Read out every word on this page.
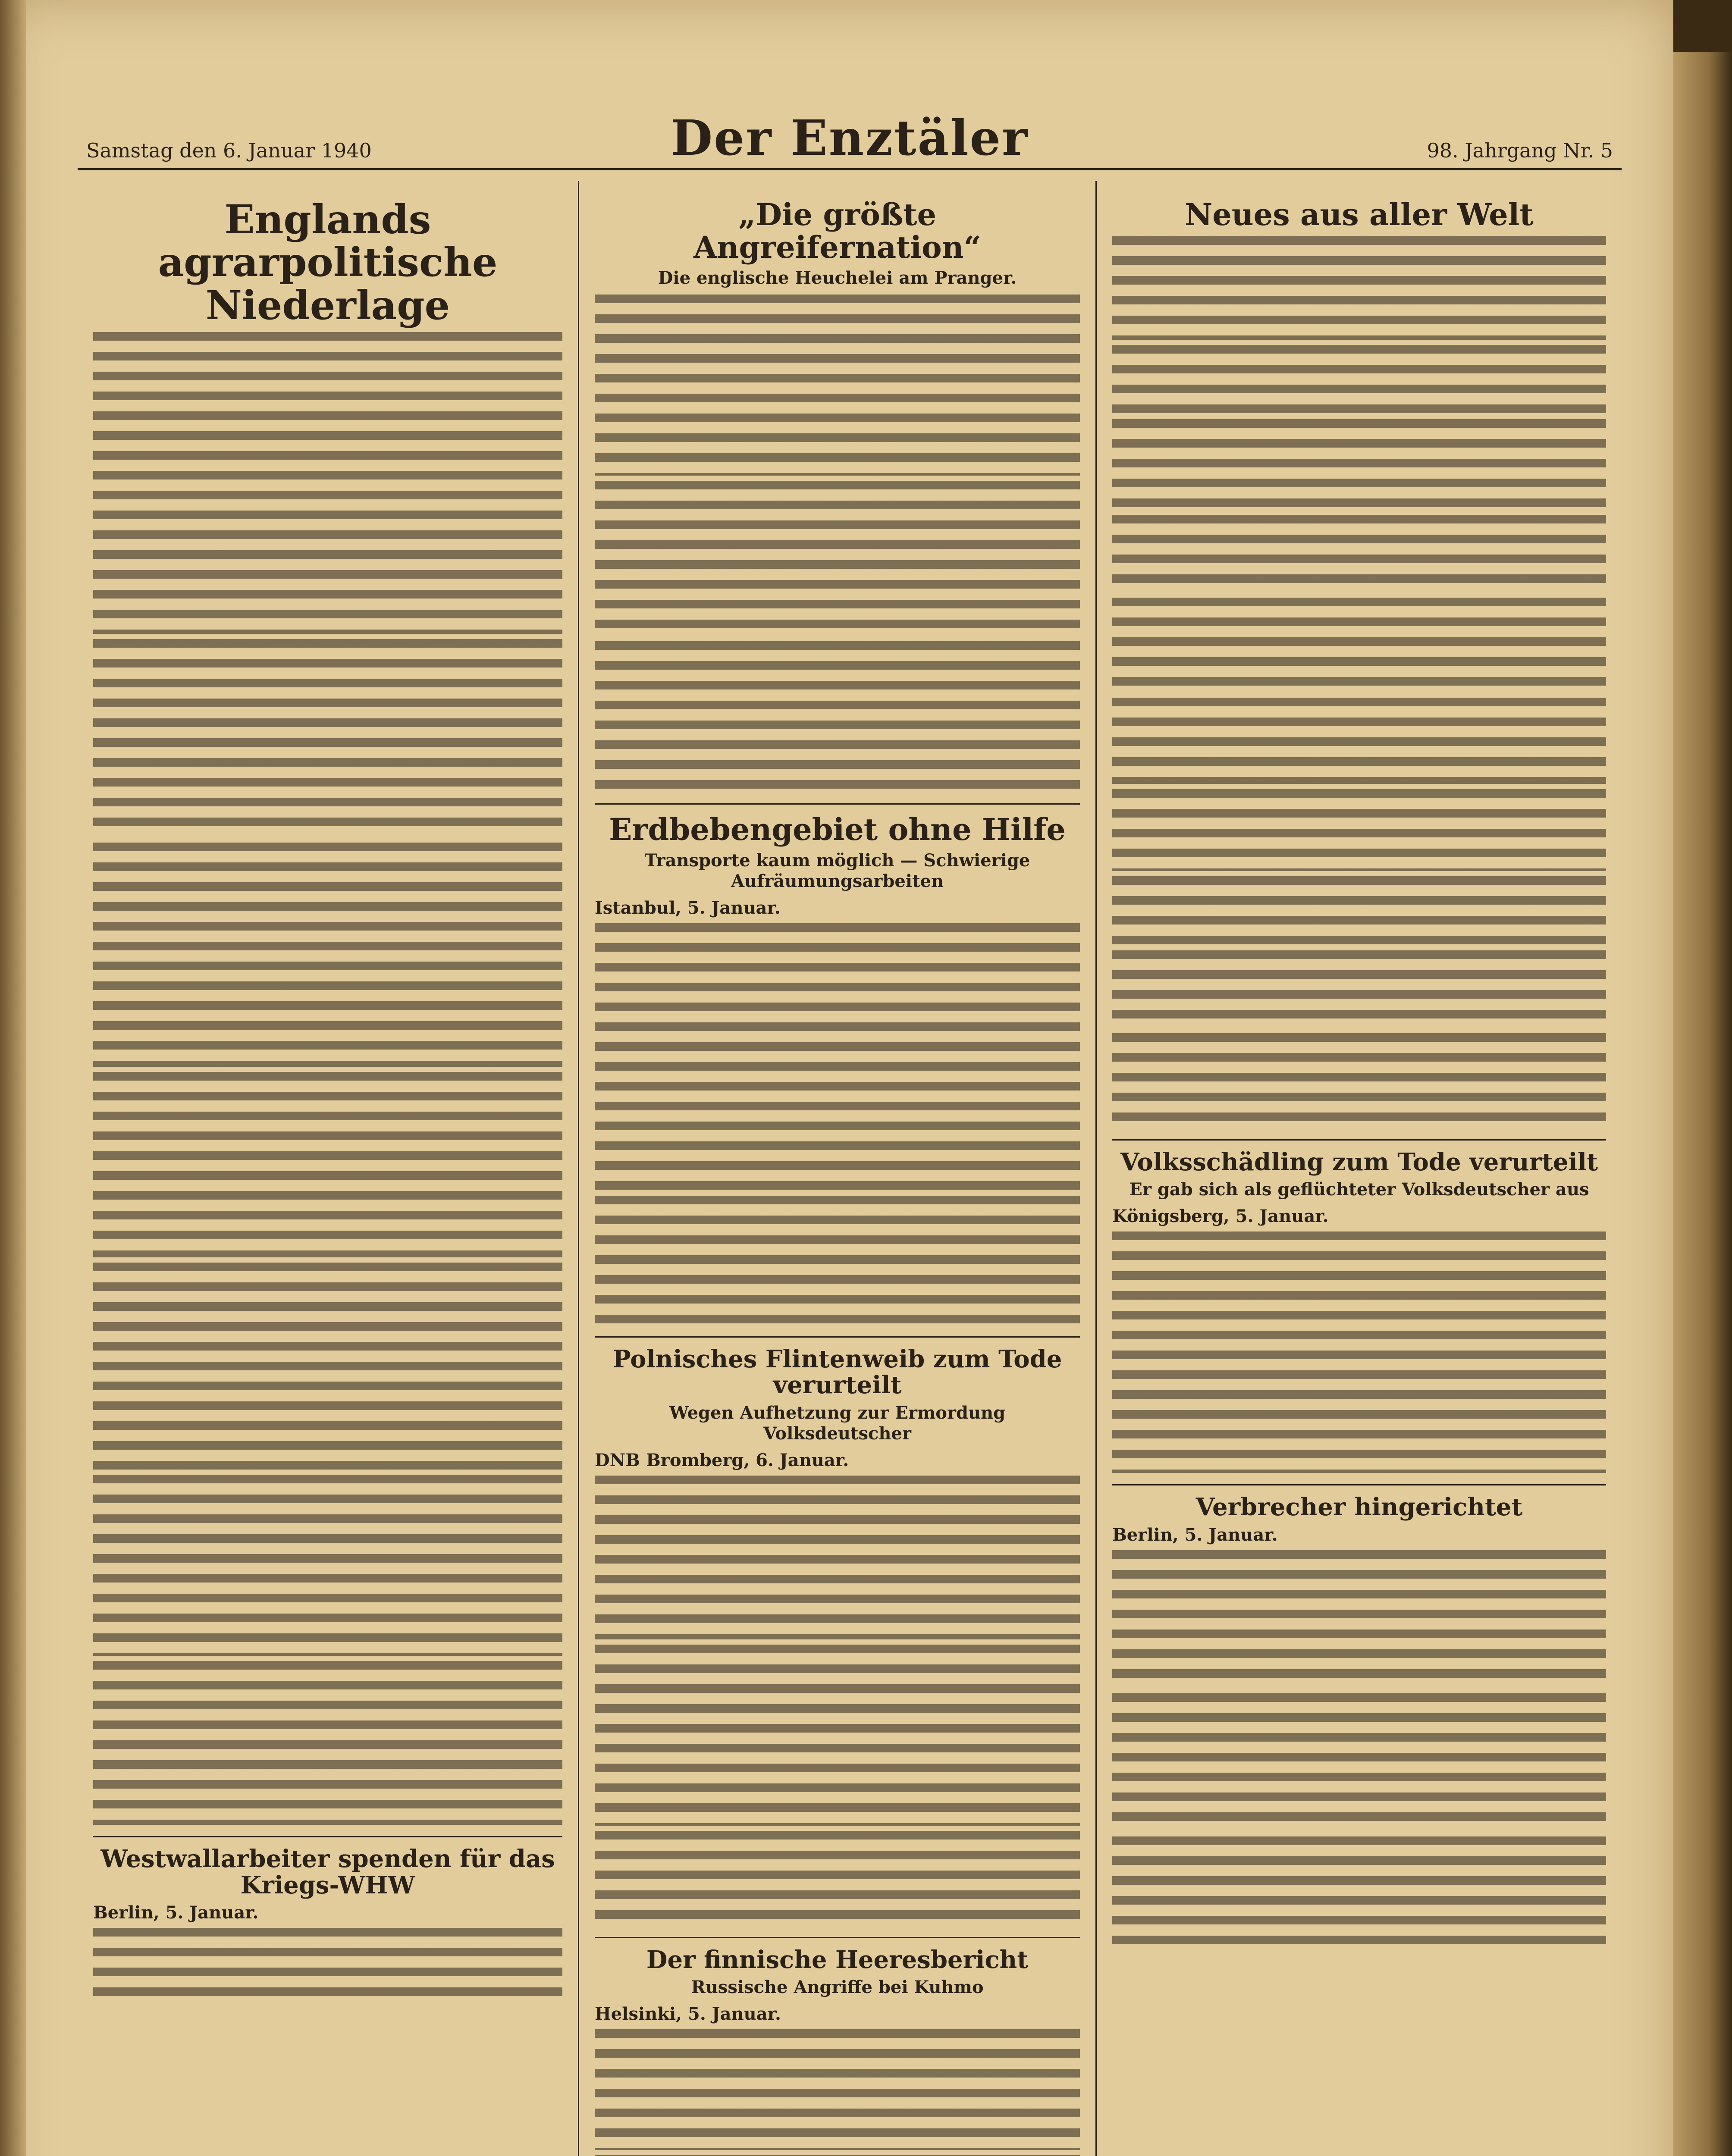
Samstag den 6. Januar 1940	Der Enztäler	98. Jahrgang Nr. 5
Englands agrarpolitische Niederlage
Westwallarbeiter spenden für das Kriegs-WHW
Berlin, 5. Januar.
„Die größte Angreifernation“
Die englische Heuchelei am Pranger.
Erdbebengebiet ohne Hilfe
Transporte kaum möglich — Schwierige Aufräumungsarbeiten
Istanbul, 5. Januar.
Polnisches Flintenweib zum Tode verurteilt
Wegen Aufhetzung zur Ermordung Volksdeutscher
DNB Bromberg, 6. Januar.
Der finnische Heeresbericht
Russische Angriffe bei Kuhmo
Helsinki, 5. Januar.
Neues aus aller Welt
Volksschädling zum Tode verurteilt
Er gab sich als geflüchteter Volksdeutscher aus
Königsberg, 5. Januar.
Verbrecher hingerichtet
Berlin, 5. Januar.
